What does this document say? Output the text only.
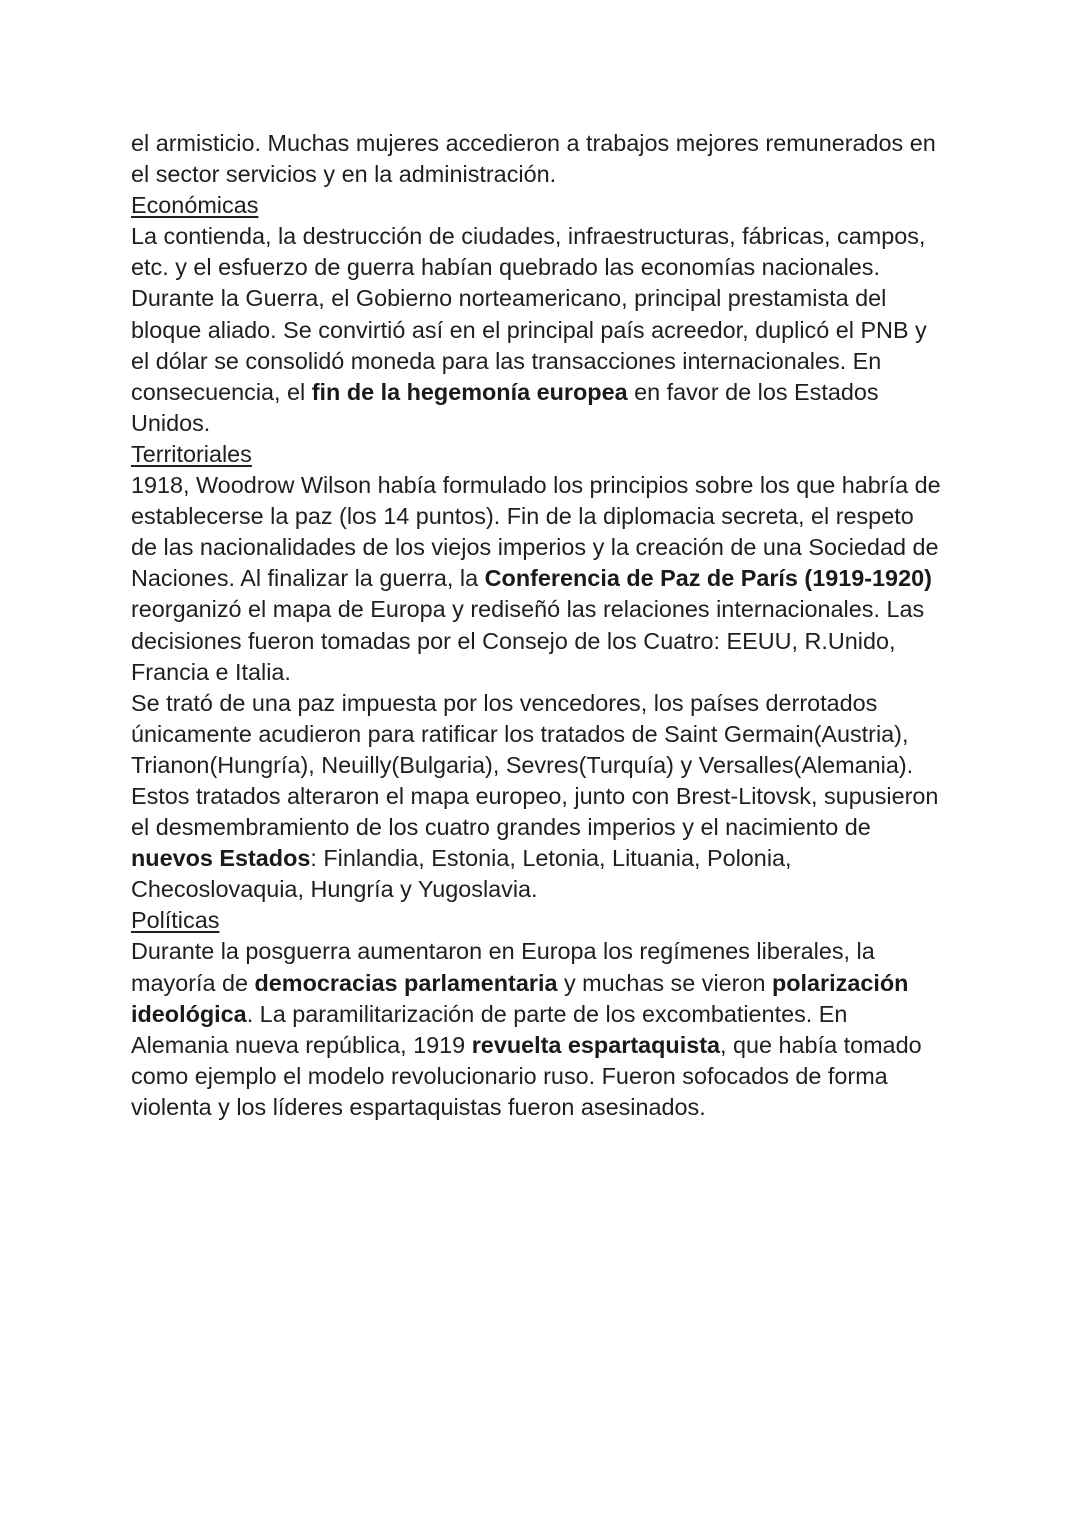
el armisticio. Muchas mujeres accedieron a trabajos mejores remunerados en

el sector servicios y en la administración.

Económicas

La contienda, la destrucción de ciudades, infraestructuras, fábricas, campos,

etc. y el esfuerzo de guerra habían quebrado las economías nacionales.

Durante la Guerra, el Gobierno norteamericano, principal prestamista del

bloque aliado. Se convirtió así en el principal país acreedor, duplicó el PNB y

el dólar se consolidó moneda para las transacciones internacionales. En

consecuencia, el fin de la hegemonía europea en favor de los Estados

Unidos.

Territoriales

1918, Woodrow Wilson había formulado los principios sobre los que habría de

establecerse la paz (los 14 puntos). Fin de la diplomacia secreta, el respeto

de las nacionalidades de los viejos imperios y la creación de una Sociedad de

Naciones. Al finalizar la guerra, la Conferencia de Paz de París (1919-1920)

reorganizó el mapa de Europa y rediseñó las relaciones internacionales. Las

decisiones fueron tomadas por el Consejo de los Cuatro: EEUU, R.Unido,

Francia e Italia.

Se trató de una paz impuesta por los vencedores, los países derrotados

únicamente acudieron para ratificar los tratados de Saint Germain(Austria),

Trianon(Hungría), Neuilly(Bulgaria), Sevres(Turquía) y Versalles(Alemania).

Estos tratados alteraron el mapa europeo, junto con Brest-Litovsk, supusieron

el desmembramiento de los cuatro grandes imperios y el nacimiento de

nuevos Estados: Finlandia, Estonia, Letonia, Lituania, Polonia,

Checoslovaquia, Hungría y Yugoslavia.

Políticas

Durante la posguerra aumentaron en Europa los regímenes liberales, la

mayoría de democracias parlamentaria y muchas se vieron polarización

ideológica. La paramilitarización de parte de los excombatientes. En

Alemania nueva república, 1919 revuelta espartaquista, que había tomado

como ejemplo el modelo revolucionario ruso. Fueron sofocados de forma

violenta y los líderes espartaquistas fueron asesinados.
